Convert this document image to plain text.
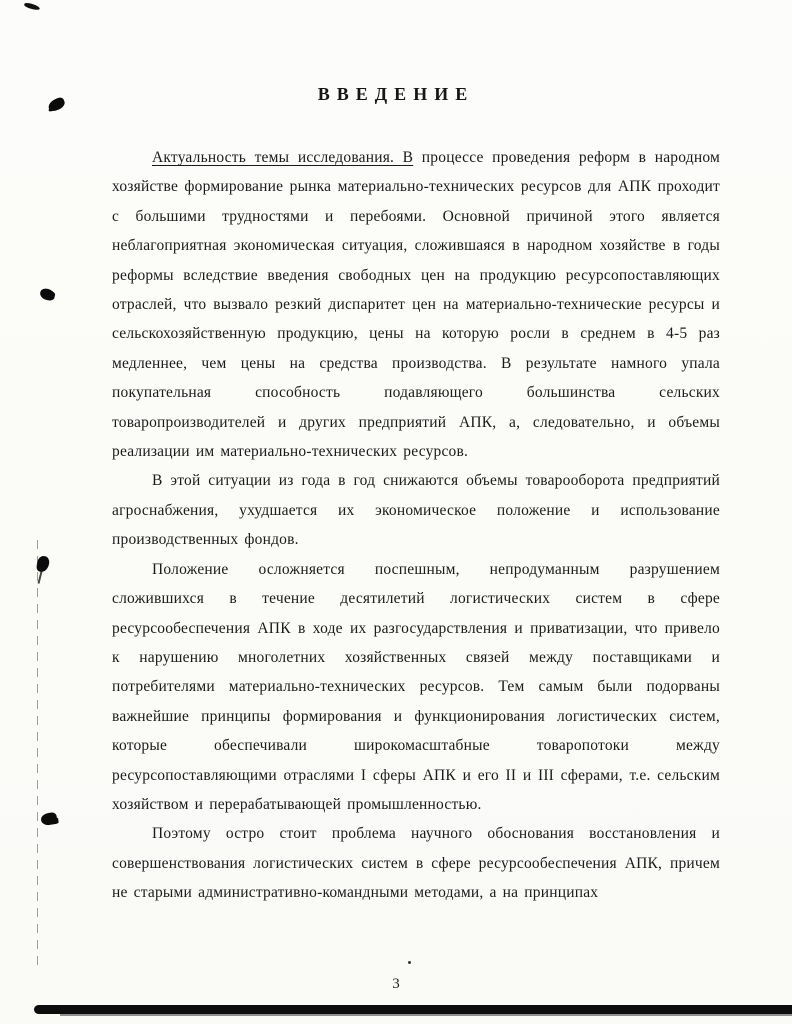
ВВЕДЕНИЕ

Актуальность темы исследования. В процессе проведения реформ в народном хозяйстве формирование рынка материально-технических ресурсов для АПК проходит с большими трудностями и перебоями. Основной причиной этого является неблагоприятная экономическая ситуация, сложившаяся в народном хозяйстве в годы реформы вследствие введения свободных цен на продукцию ресурсопоставляющих отраслей, что вызвало резкий диспаритет цен на материально-технические ресурсы и сельскохозяйственную продукцию, цены на которую росли в среднем в 4-5 раз медленнее, чем цены на средства производства. В результате намного упала покупательная способность подавляющего большинства сельских товаропроизводителей и других предприятий АПК, а, следовательно, и объемы реализации им материально-технических ресурсов.

В этой ситуации из года в год снижаются объемы товарооборота предприятий агроснабжения, ухудшается их экономическое положение и использование производственных фондов.

Положение осложняется поспешным, непродуманным разрушением сложившихся в течение десятилетий логистических систем в сфере ресурсообеспечения АПК в ходе их разгосударствления и приватизации, что привело к нарушению многолетних хозяйственных связей между поставщиками и потребителями материально-технических ресурсов. Тем самым были подорваны важнейшие принципы формирования и функционирования логистических систем, которые обеспечивали широкомасштабные товаропотоки между ресурсопоставляющими отраслями I сферы АПК и его II и III сферами, т.е. сельским хозяйством и перерабатывающей промышленностью.

Поэтому остро стоит проблема научного обоснования восстановления и совершенствования логистических систем в сфере ресурсообеспечения АПК, причем не старыми административно-командными методами, а на принципах

3
